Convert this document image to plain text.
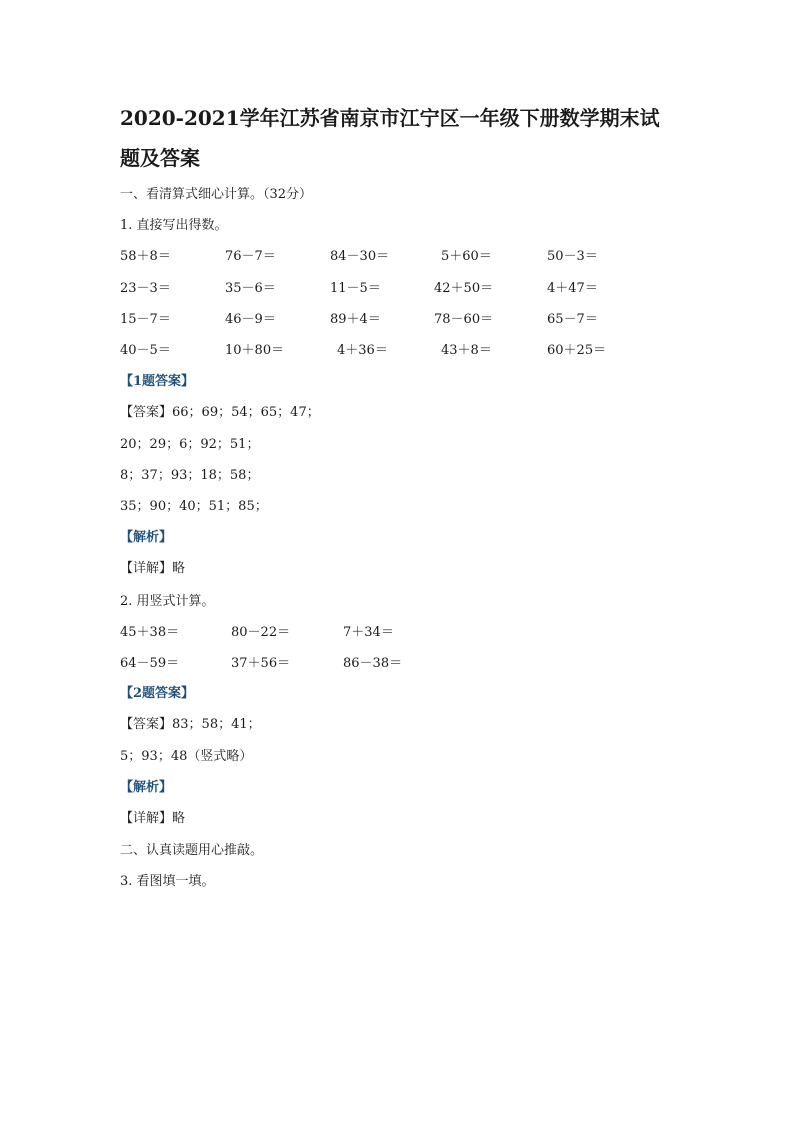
2020-2021学年江苏省南京市江宁区一年级下册数学期末试
题及答案
一、看清算式细心计算。（32分）
1. 直接写出得数。
58＋8＝	76－7＝	84－30＝	5＋60＝	50－3＝
23－3＝	35－6＝	11－5＝	42＋50＝	4＋47＝
15－7＝	46－9＝	89＋4＝	78－60＝	65－7＝
40－5＝	10＋80＝	4＋36＝	43＋8＝	60＋25＝
【1题答案】
【答案】66；69；54；65；47；
20；29；6；92；51；
8；37；93；18；58；
35；90；40；51；85；
【解析】
【详解】略
2. 用竖式计算。
45＋38＝	80－22＝	7＋34＝
64－59＝	37＋56＝	86－38＝
【2题答案】
【答案】83；58；41；
5；93；48（竖式略）
【解析】
【详解】略
二、认真读题用心推敲。
3. 看图填一填。
